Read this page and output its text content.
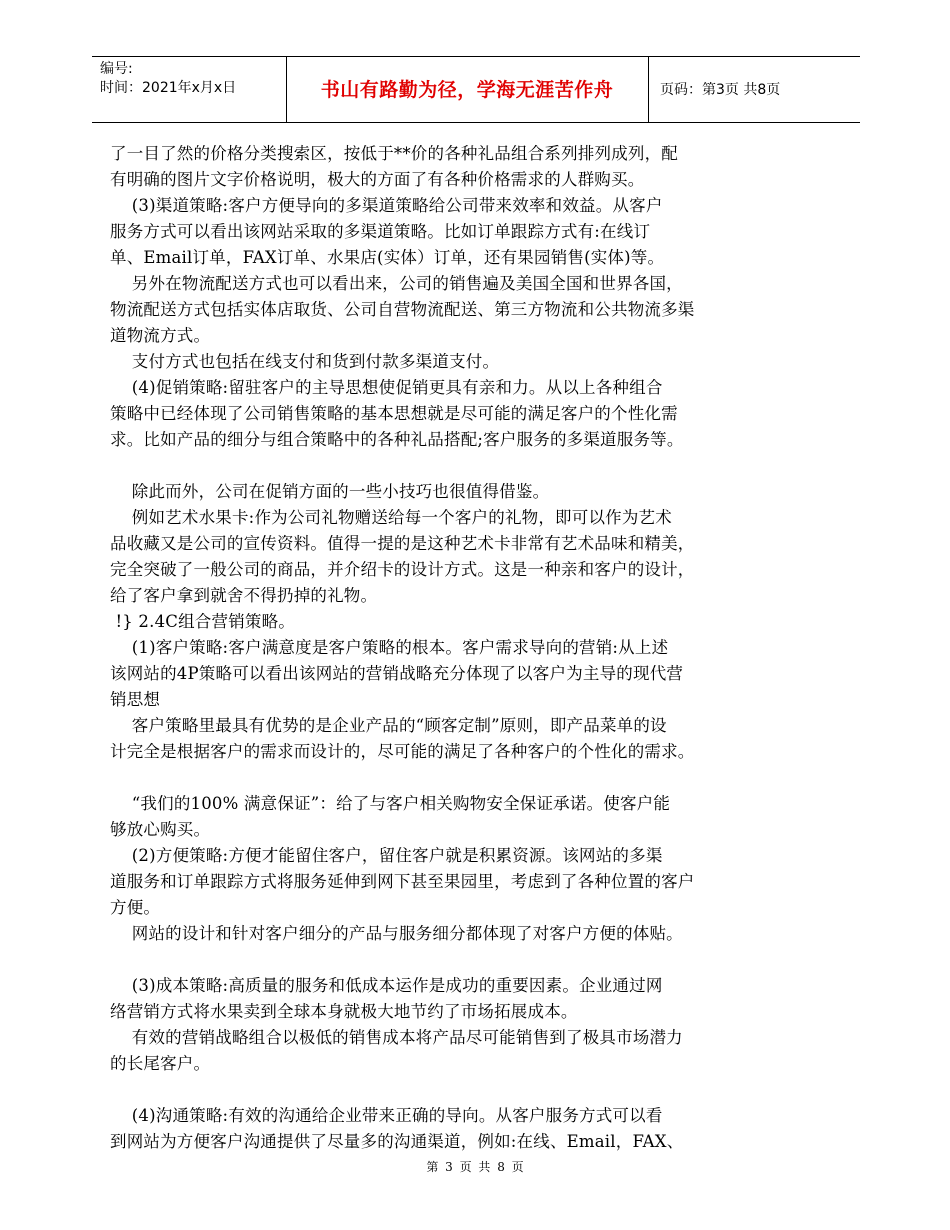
编号:
时间：2021年x月x日	书山有路勤为径，学海无涯苦作舟	页码：第3页 共8页

了一目了然的价格分类搜索区，按低于**价的各种礼品组合系列排列成列，配

有明确的图片文字价格说明，极大的方面了有各种价格需求的人群购买。

(3)渠道策略:客户方便导向的多渠道策略给公司带来效率和效益。从客户

服务方式可以看出该网站采取的多渠道策略。比如订单跟踪方式有:在线订

单、Email订单，FAX订单、水果店(实体）订单，还有果园销售(实体)等。

另外在物流配送方式也可以看出来，公司的销售遍及美国全国和世界各国，

物流配送方式包括实体店取货、公司自营物流配送、第三方物流和公共物流多渠

道物流方式。

支付方式也包括在线支付和货到付款多渠道支付。

(4)促销策略:留驻客户的主导思想使促销更具有亲和力。从以上各种组合

策略中已经体现了公司销售策略的基本思想就是尽可能的满足客户的个性化需

求。比如产品的细分与组合策略中的各种礼品搭配;客户服务的多渠道服务等。

除此而外，公司在促销方面的一些小技巧也很值得借鉴。

例如艺术水果卡:作为公司礼物赠送给每一个客户的礼物，即可以作为艺术

品收藏又是公司的宣传资料。值得一提的是这种艺术卡非常有艺术品味和精美，

完全突破了一般公司的商品，并介绍卡的设计方式。这是一种亲和客户的设计，

给了客户拿到就舍不得扔掉的礼物。

!} 2.4C组合营销策略。

(1)客户策略:客户满意度是客户策略的根本。客户需求导向的营销:从上述

该网站的4P策略可以看出该网站的营销战略充分体现了以客户为主导的现代营

销思想

客户策略里最具有优势的是企业产品的“顾客定制”原则，即产品菜单的设

计完全是根据客户的需求而设计的，尽可能的满足了各种客户的个性化的需求。

“我们的100% 满意保证”：给了与客户相关购物安全保证承诺。使客户能

够放心购买。

(2)方便策略:方便才能留住客户，留住客户就是积累资源。该网站的多渠

道服务和订单跟踪方式将服务延伸到网下甚至果园里，考虑到了各种位置的客户

方便。

网站的设计和针对客户细分的产品与服务细分都体现了对客户方便的体贴。

(3)成本策略:高质量的服务和低成本运作是成功的重要因素。企业通过网

络营销方式将水果卖到全球本身就极大地节约了市场拓展成本。

有效的营销战略组合以极低的销售成本将产品尽可能销售到了极具市场潜力

的长尾客户。

(4)沟通策略:有效的沟通给企业带来正确的导向。从客户服务方式可以看

到网站为方便客户沟通提供了尽量多的沟通渠道，例如:在线、Email，FAX、

第 3 页 共 8 页
